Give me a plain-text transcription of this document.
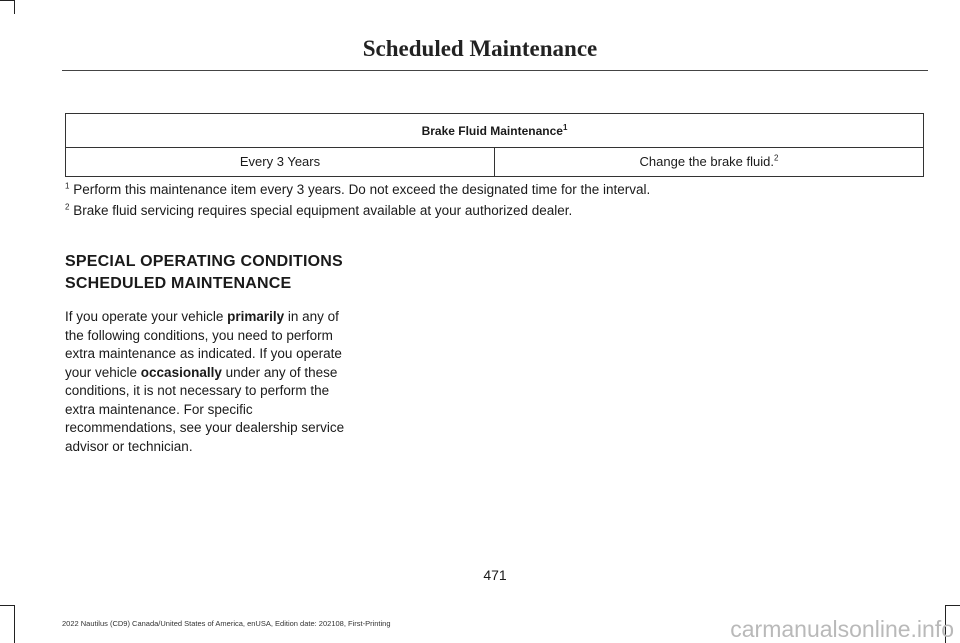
Scheduled Maintenance
Brake Fluid Maintenance$^1$
Every 3 Years	Change the brake fluid.$^2$
$^1$ Perform this maintenance item every 3 years. Do not exceed the designated time for the interval.
$^2$ Brake fluid servicing requires special equipment available at your authorized dealer.
SPECIAL OPERATING CONDITIONS
SCHEDULED MAINTENANCE

If you operate your vehicle primarily in any of the following conditions, you need to perform extra maintenance as indicated. If you operate your vehicle occasionally under any of these conditions, it is not necessary to perform the extra maintenance. For specific recommendations, see your dealership service advisor or technician.

471
2022 Nautilus (CD9) Canada/United States of America, enUSA, Edition date: 202108, First-Printing	carmanualsonline.info
